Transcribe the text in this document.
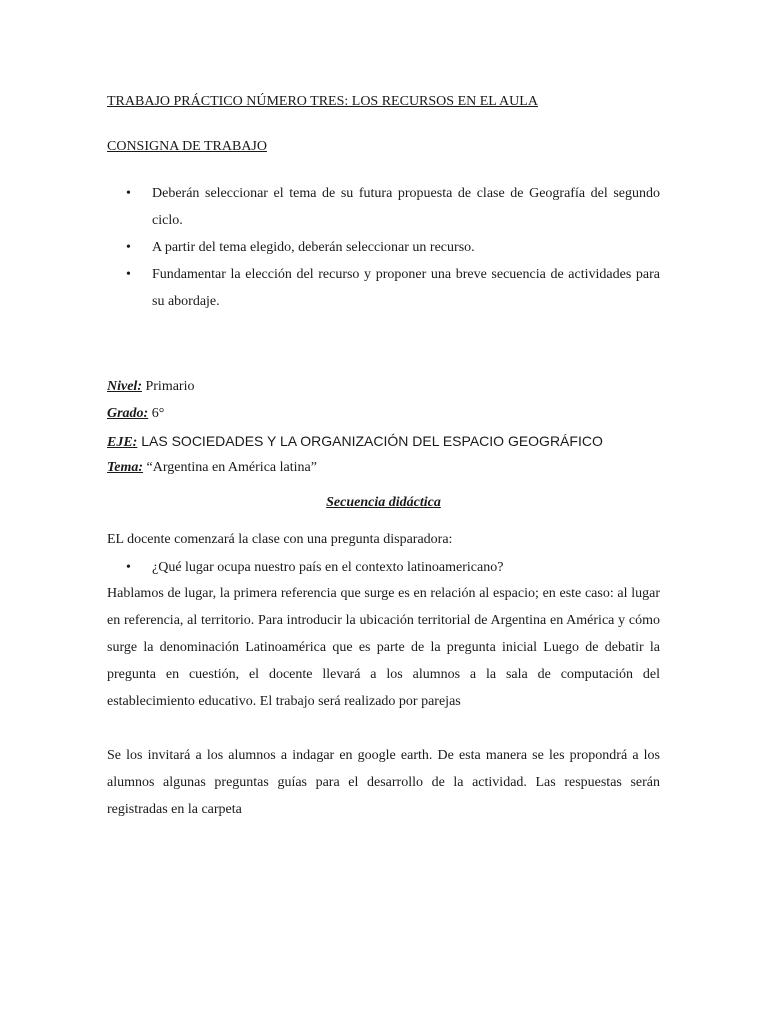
TRABAJO PRÁCTICO NÚMERO TRES: LOS RECURSOS EN EL AULA
CONSIGNA DE TRABAJO
• Deberán seleccionar el tema de su futura propuesta de clase de Geografía del segundo ciclo.
• A partir del tema elegido, deberán seleccionar un recurso.
• Fundamentar la elección del recurso y proponer una breve secuencia de actividades para su abordaje.
Nivel: Primario
Grado: 6°
EJE: LAS SOCIEDADES Y LA ORGANIZACIÓN DEL ESPACIO GEOGRÁFICO
Tema: “Argentina en América latina”
Secuencia didáctica
EL docente comenzará la clase con una pregunta disparadora:
• ¿Qué lugar ocupa nuestro país en el contexto latinoamericano?
Hablamos de lugar, la primera referencia que surge es en relación al espacio; en este caso: al lugar en referencia, al territorio. Para introducir la ubicación territorial de Argentina en América y cómo surge la denominación Latinoamérica que es parte de la pregunta inicial Luego de debatir la pregunta en cuestión, el docente llevará a los alumnos a la sala de computación del establecimiento educativo. El trabajo será realizado por parejas
Se los invitará a los alumnos a indagar en google earth. De esta manera se les propondrá a los alumnos algunas preguntas guías para el desarrollo de la actividad. Las respuestas serán registradas en la carpeta
